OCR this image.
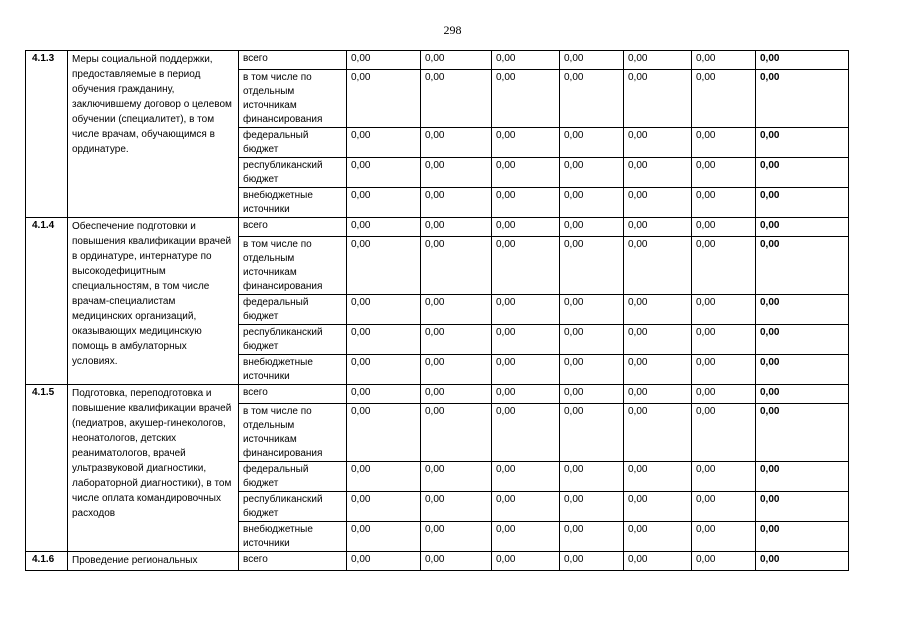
298
4.1.3	Меры социальной поддержки, предоставляемые в период обучения гражданину, заключившему договор о целевом обучении (специалитет), в том числе врачам, обучающимся в ординатуре.	всего	0,00	0,00	0,00	0,00	0,00	0,00	0,00
		в том числе по отдельным источникам финансирования	0,00	0,00	0,00	0,00	0,00	0,00	0,00
		федеральный бюджет	0,00	0,00	0,00	0,00	0,00	0,00	0,00
		республиканский бюджет	0,00	0,00	0,00	0,00	0,00	0,00	0,00
		внебюджетные источники	0,00	0,00	0,00	0,00	0,00	0,00	0,00
4.1.4	Обеспечение подготовки и повышения квалификации врачей в ординатуре, интернатуре по высокодефицитным специальностям, в том числе врачам-специалистам медицинских организаций, оказывающих медицинскую помощь в амбулаторных условиях.	всего	0,00	0,00	0,00	0,00	0,00	0,00	0,00
		в том числе по отдельным источникам финансирования	0,00	0,00	0,00	0,00	0,00	0,00	0,00
		федеральный бюджет	0,00	0,00	0,00	0,00	0,00	0,00	0,00
		республиканский бюджет	0,00	0,00	0,00	0,00	0,00	0,00	0,00
		внебюджетные источники	0,00	0,00	0,00	0,00	0,00	0,00	0,00
4.1.5	Подготовка, переподготовка и повышение квалификации врачей (педиатров, акушер-гинекологов, неонатологов, детских реаниматологов, врачей ультразвуковой диагностики, лабораторной диагностики), в том числе оплата командировочных расходов	всего	0,00	0,00	0,00	0,00	0,00	0,00	0,00
		в том числе по отдельным источникам финансирования	0,00	0,00	0,00	0,00	0,00	0,00	0,00
		федеральный бюджет	0,00	0,00	0,00	0,00	0,00	0,00	0,00
		республиканский бюджет	0,00	0,00	0,00	0,00	0,00	0,00	0,00
		внебюджетные источники	0,00	0,00	0,00	0,00	0,00	0,00	0,00
4.1.6	Проведение региональных	всего	0,00	0,00	0,00	0,00	0,00	0,00	0,00
